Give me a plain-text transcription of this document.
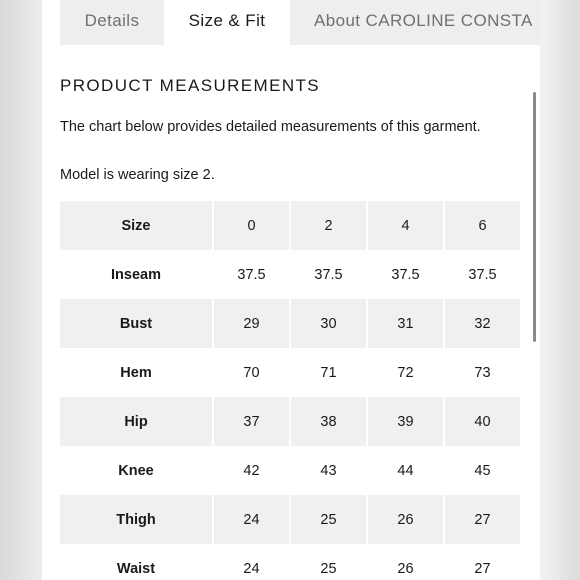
Details	Size & Fit	About CAROLINE CONSTA
PRODUCT MEASUREMENTS

The chart below provides detailed measurements of this garment.

Model is wearing size 2.

Size	0	2	4	6
Inseam	37.5	37.5	37.5	37.5
Bust	29	30	31	32
Hem	70	71	72	73
Hip	37	38	39	40
Knee	42	43	44	45
Thigh	24	25	26	27
Waist	24	25	26	27
